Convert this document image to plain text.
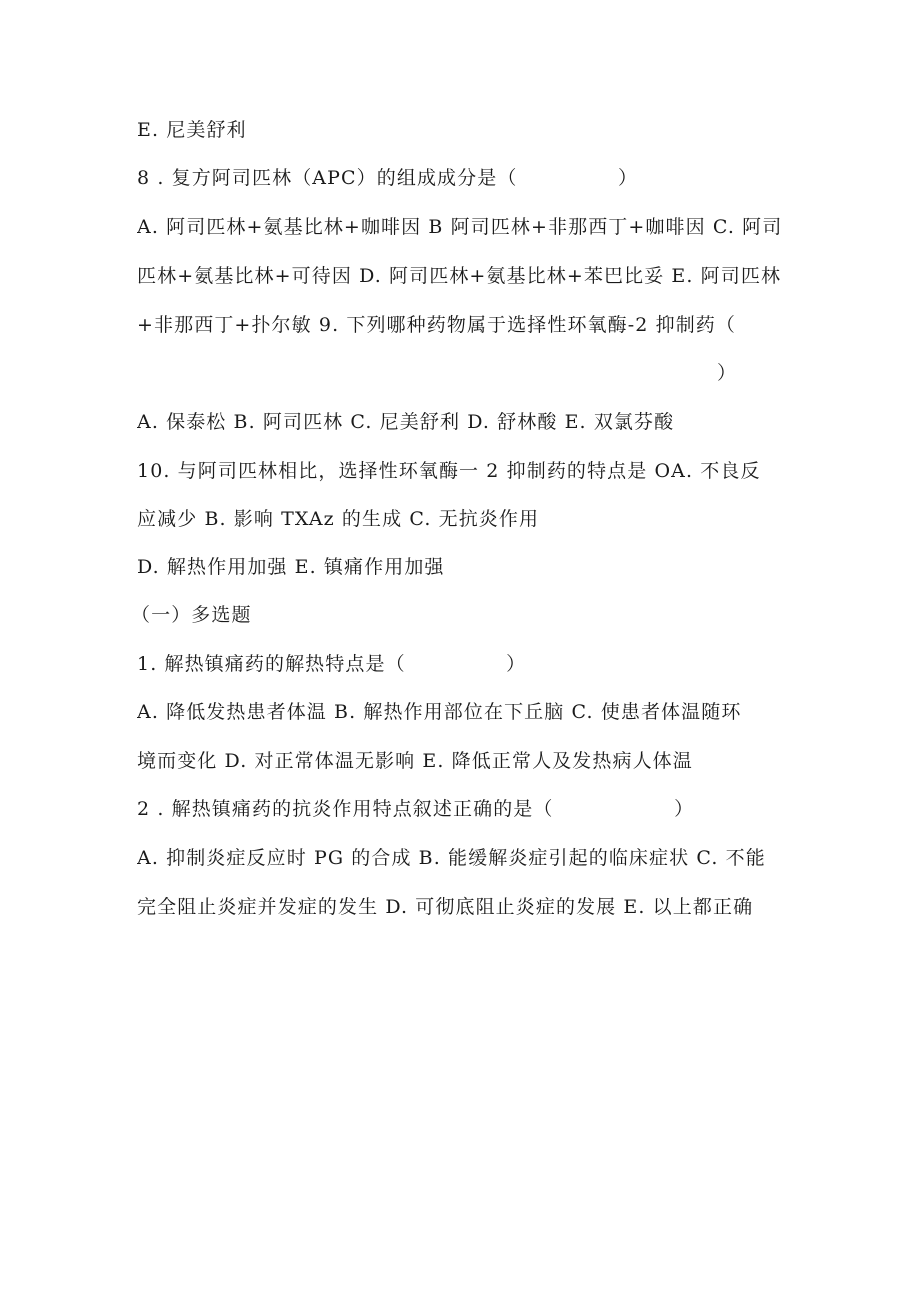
E. 尼美舒利
8 . 复方阿司匹林（APC）的组成成分是（　　　　　）
A. 阿司匹林+氨基比林+咖啡因 B 阿司匹林+非那西丁+咖啡因 C. 阿司
匹林+氨基比林+可待因 D. 阿司匹林+氨基比林+苯巴比妥 E. 阿司匹林
+非那西丁+扑尔敏 9. 下列哪种药物属于选择性环氧酶-2 抑制药（
）
A. 保泰松 B. 阿司匹林 C. 尼美舒利 D. 舒林酸 E. 双氯芬酸
10. 与阿司匹林相比，选择性环氧酶一 2 抑制药的特点是 OA. 不良反
应减少 B. 影响 TXAz 的生成 C. 无抗炎作用
D. 解热作用加强 E. 镇痛作用加强
（一）多选题
1. 解热镇痛药的解热特点是（　　　　　）
A. 降低发热患者体温 B. 解热作用部位在下丘脑 C. 使患者体温随环
境而变化 D. 对正常体温无影响 E. 降低正常人及发热病人体温
2 . 解热镇痛药的抗炎作用特点叙述正确的是（　　　　　　）
A. 抑制炎症反应时 PG 的合成 B. 能缓解炎症引起的临床症状 C. 不能
完全阻止炎症并发症的发生 D. 可彻底阻止炎症的发展 E. 以上都正确
